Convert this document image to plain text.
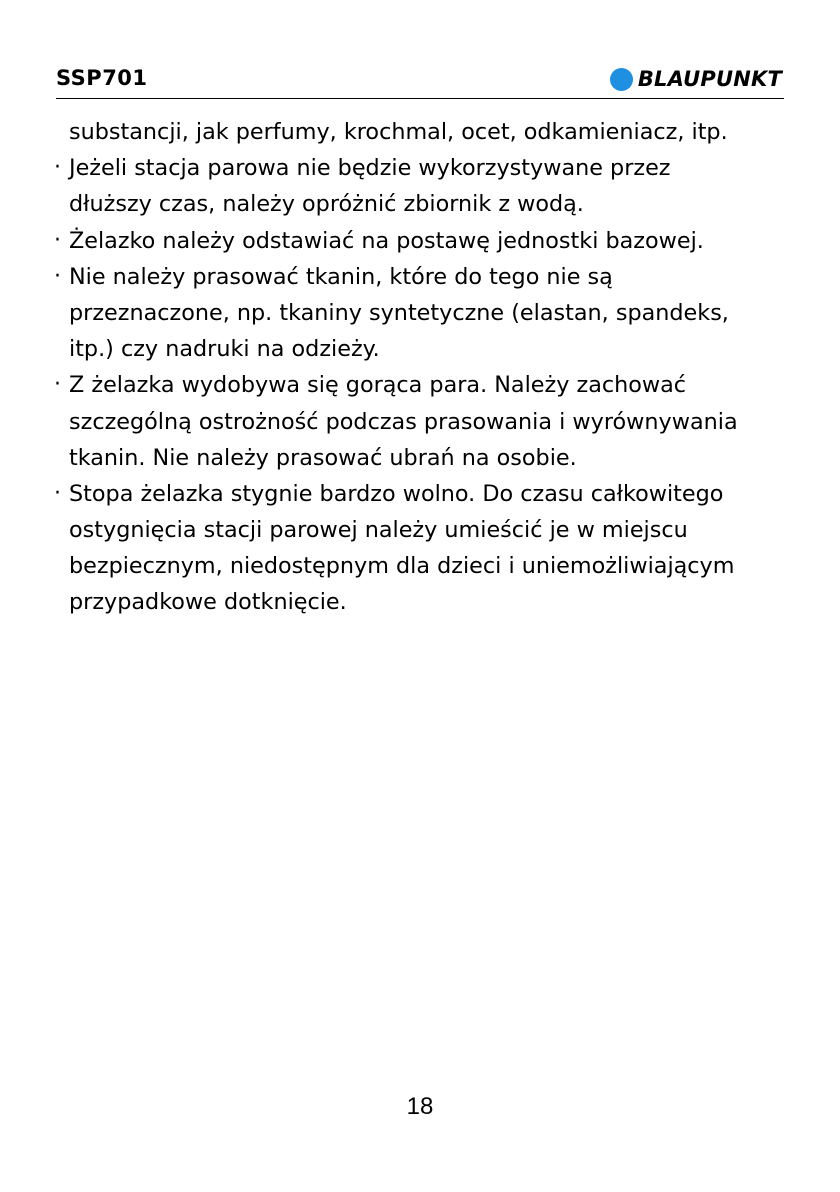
SSP701	BLAUPUNKT
substancji, jak perfumy, krochmal, ocet, odkamieniacz, itp.
· Jeżeli stacja parowa nie będzie wykorzystywane przez
dłuższy czas, należy opróżnić zbiornik z wodą.
· Żelazko należy odstawiać na postawę jednostki bazowej.
· Nie należy prasować tkanin, które do tego nie są
przeznaczone, np. tkaniny syntetyczne (elastan, spandeks,
itp.) czy nadruki na odzieży.
· Z żelazka wydobywa się gorąca para. Należy zachować
szczególną ostrożność podczas prasowania i wyrównywania
tkanin. Nie należy prasować ubrań na osobie.
· Stopa żelazka stygnie bardzo wolno. Do czasu całkowitego
ostygnięcia stacji parowej należy umieścić je w miejscu
bezpiecznym, niedostępnym dla dzieci i uniemożliwiającym
przypadkowe dotknięcie.
18
